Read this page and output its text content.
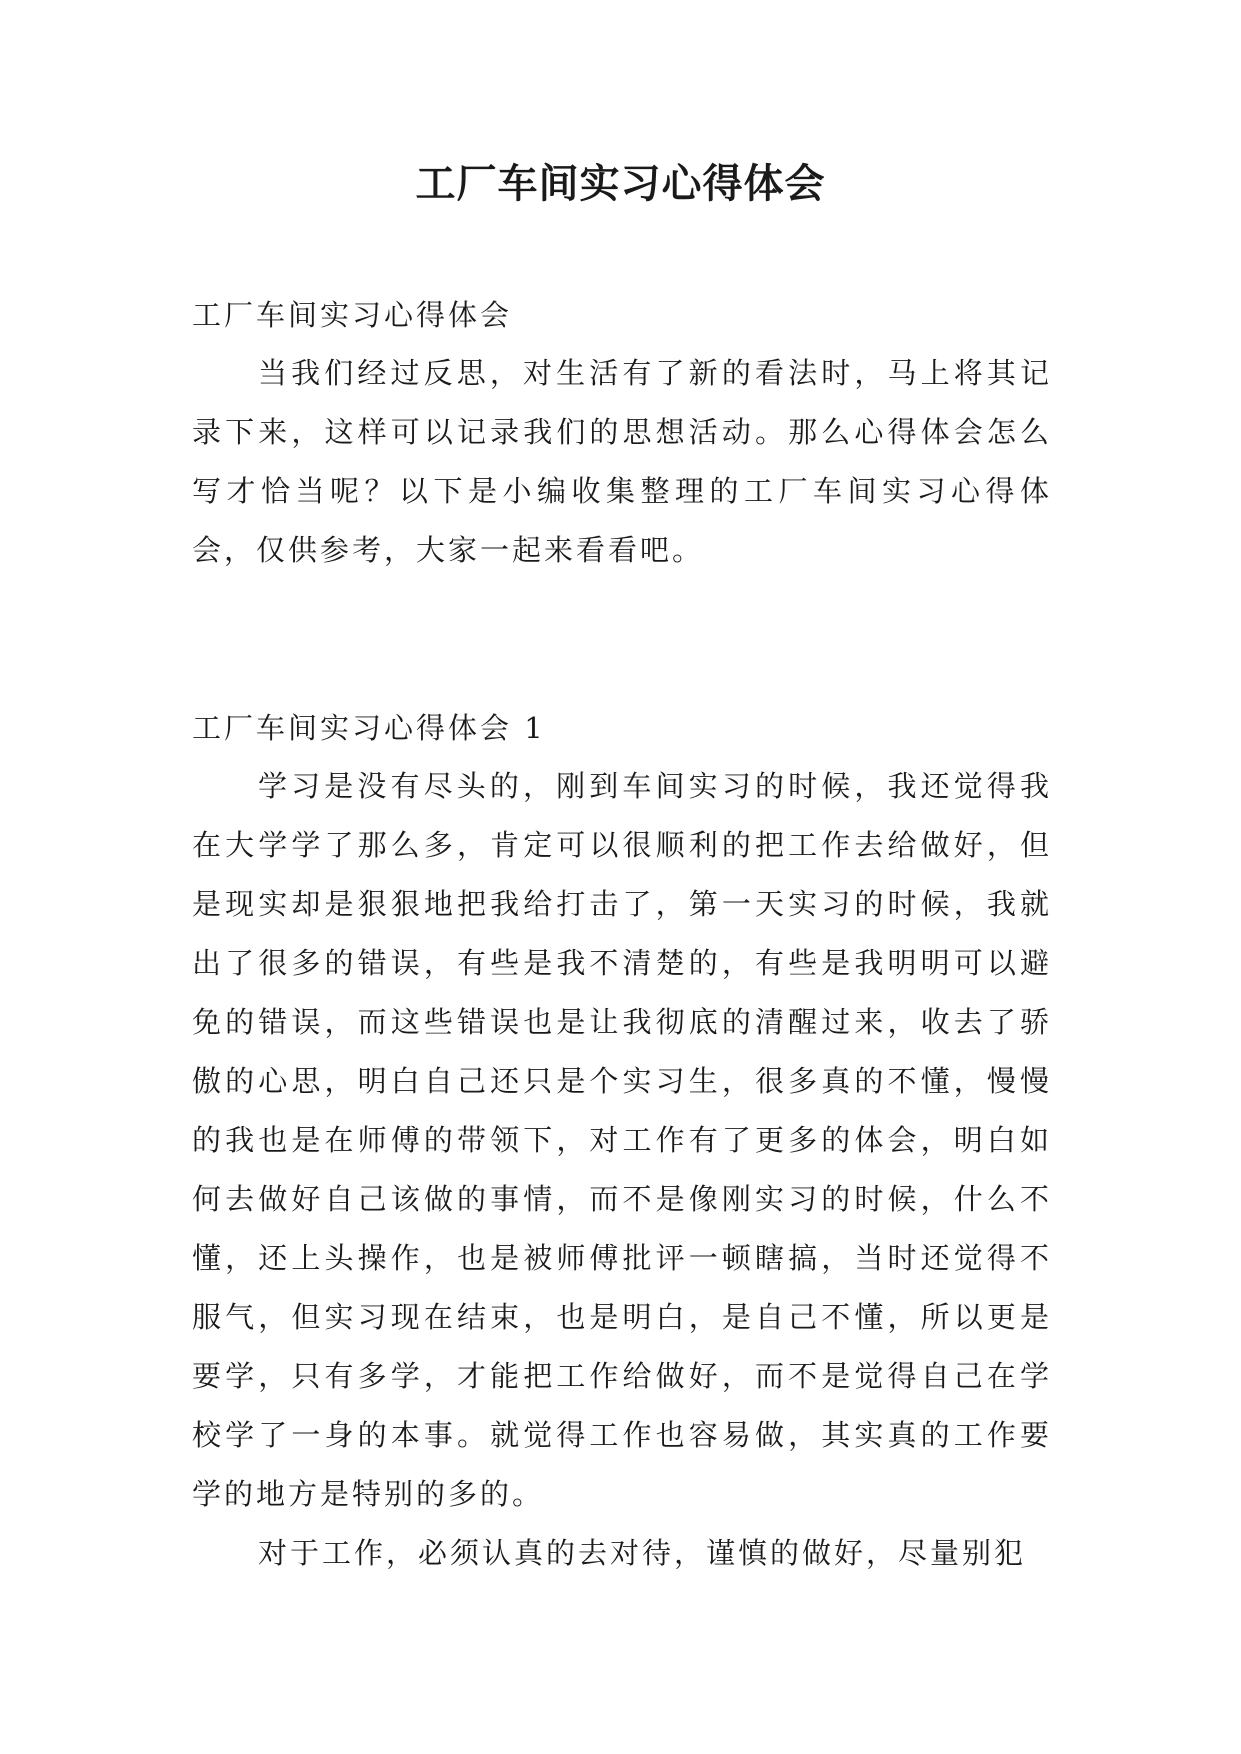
工厂车间实习心得体会
工厂车间实习心得体会

当我们经过反思，对生活有了新的看法时，马上将其记录下来，这样可以记录我们的思想活动。那么心得体会怎么写才恰当呢？以下是小编收集整理的工厂车间实习心得体会，仅供参考，大家一起来看看吧。

工厂车间实习心得体会 1

学习是没有尽头的，刚到车间实习的时候，我还觉得我在大学学了那么多，肯定可以很顺利的把工作去给做好，但是现实却是狠狠地把我给打击了，第一天实习的时候，我就出了很多的错误，有些是我不清楚的，有些是我明明可以避免的错误，而这些错误也是让我彻底的清醒过来，收去了骄傲的心思，明白自己还只是个实习生，很多真的不懂，慢慢的我也是在师傅的带领下，对工作有了更多的体会，明白如何去做好自己该做的事情，而不是像刚实习的时候，什么不懂，还上头操作，也是被师傅批评一顿瞎搞，当时还觉得不服气，但实习现在结束，也是明白，是自己不懂，所以更是要学，只有多学，才能把工作给做好，而不是觉得自己在学校学了一身的本事。就觉得工作也容易做，其实真的工作要学的地方是特别的多的。

对于工作，必须认真的去对待，谨慎的做好，尽量别犯
